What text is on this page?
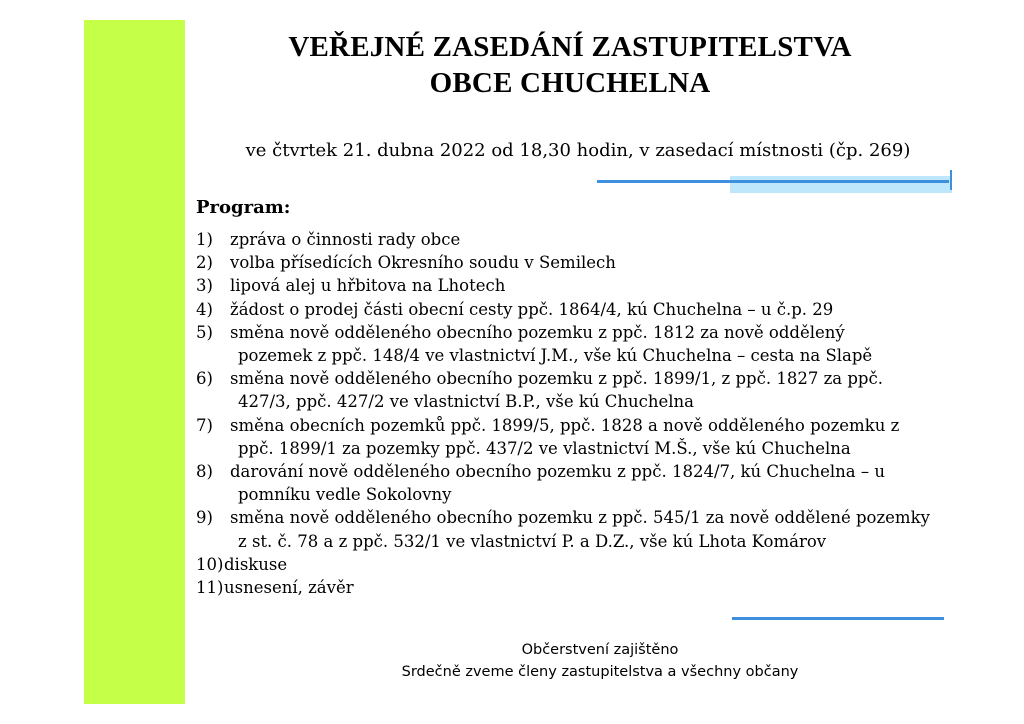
VEŘEJNÉ ZASEDÁNÍ ZASTUPITELSTVA
OBCE CHUCHELNA
ve čtvrtek 21. dubna 2022 od 18,30 hodin, v zasedací místnosti (čp. 269)
Program:
1)	zpráva o činnosti rady obce
2)	volba přísedících Okresního soudu v Semilech
3)	lipová alej u hřbitova na Lhotech
4)	žádost o prodej části obecní cesty ppč. 1864/4, kú Chuchelna – u č.p. 29
5)	směna nově odděleného obecního pozemku z ppč. 1812 za nově oddělený
pozemek z ppč. 148/4 ve vlastnictví J.M., vše kú Chuchelna – cesta na Slapě
6)	směna nově odděleného obecního pozemku z ppč. 1899/1, z ppč. 1827 za ppč.
427/3, ppč. 427/2 ve vlastnictví B.P., vše kú Chuchelna
7)	směna obecních pozemků ppč. 1899/5, ppč. 1828 a nově odděleného pozemku z
ppč. 1899/1 za pozemky ppč. 437/2 ve vlastnictví M.Š., vše kú Chuchelna
8)	darování nově odděleného obecního pozemku z ppč. 1824/7, kú Chuchelna – u
pomníku vedle Sokolovny
9)	směna nově odděleného obecního pozemku z ppč. 545/1 za nově oddělené pozemky
z st. č. 78 a z ppč. 532/1 ve vlastnictví P. a D.Z., vše kú Lhota Komárov
10) diskuse
11) usnesení, závěr
Občerstvení zajištěno
Srdečně zveme členy zastupitelstva a všechny občany
